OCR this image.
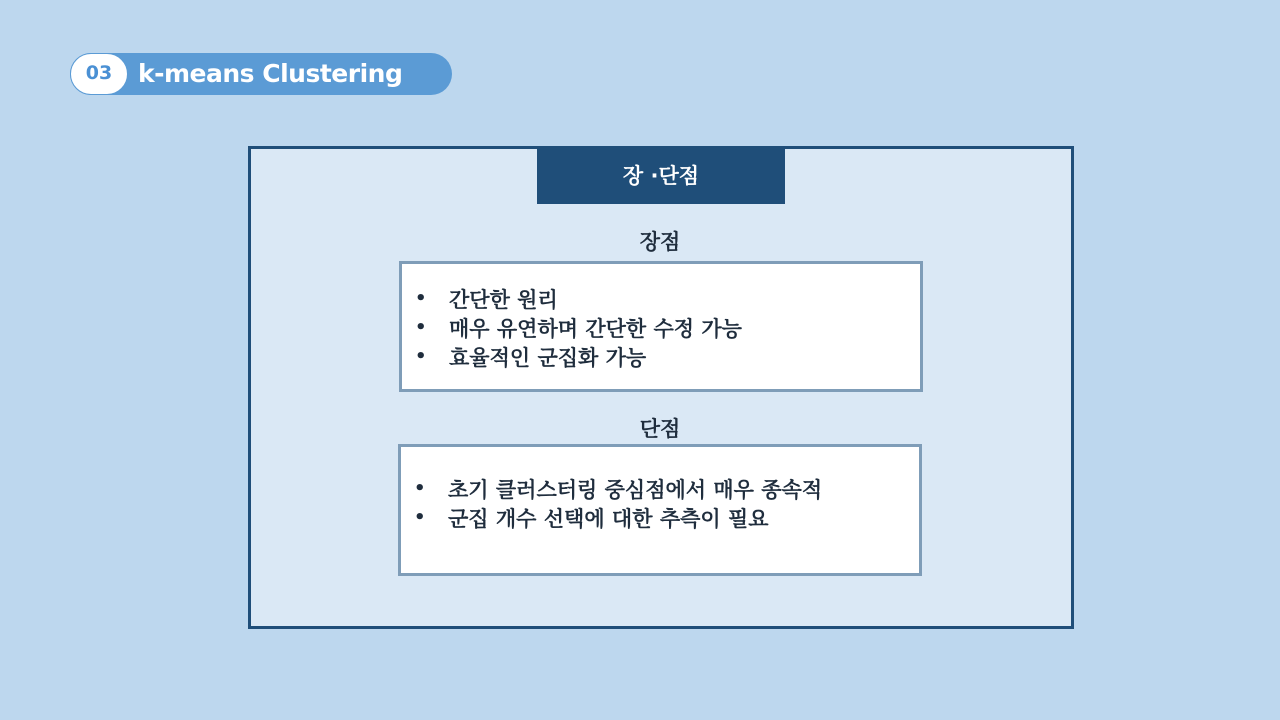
03	k-means Clustering
장 ·단점
장점
•	간단한 원리
•	매우 유연하며 간단한 수정 가능
•	효율적인 군집화 가능
단점
•	초기 클러스터링 중심점에서 매우 종속적
•	군집 개수 선택에 대한 추측이 필요
